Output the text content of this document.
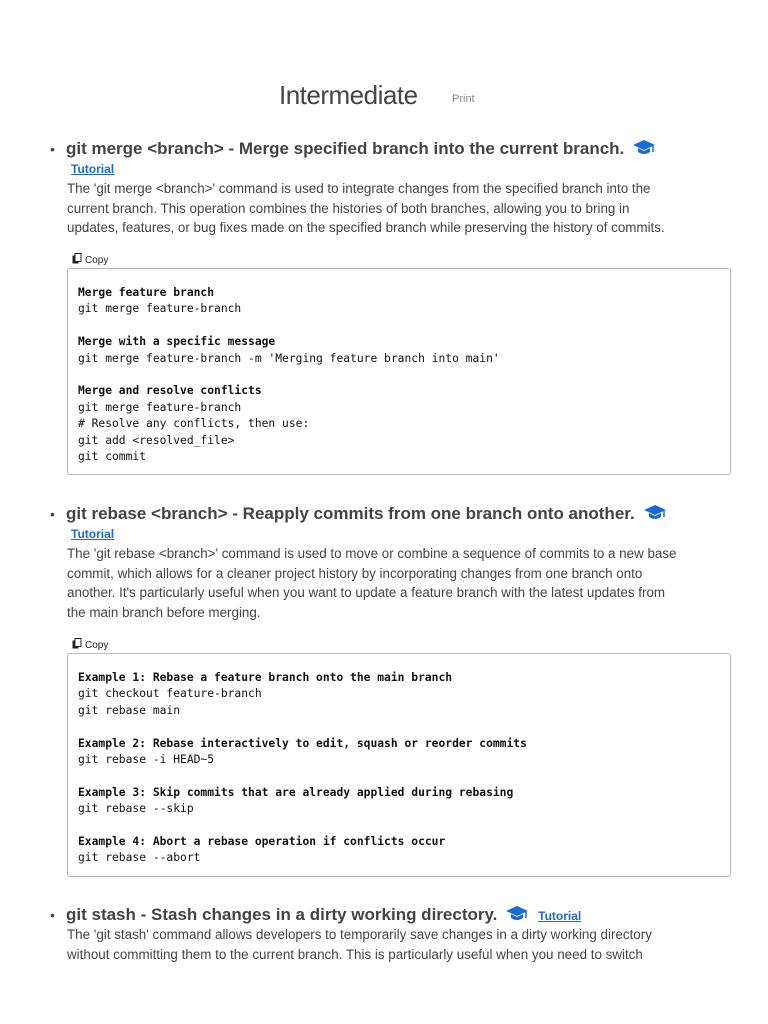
Intermediate	Print
• git merge <branch> - Merge specified branch into the current branch.
Tutorial
The 'git merge <branch>' command is used to integrate changes from the specified branch into the
current branch. This operation combines the histories of both branches, allowing you to bring in
updates, features, or bug fixes made on the specified branch while preserving the history of commits.
Copy
Merge feature branch
git merge feature-branch
Merge with a specific message
git merge feature-branch -m 'Merging feature branch into main'
Merge and resolve conflicts
git merge feature-branch
# Resolve any conflicts, then use:
git add <resolved_file>
git commit
• git rebase <branch> - Reapply commits from one branch onto another.
Tutorial
The 'git rebase <branch>' command is used to move or combine a sequence of commits to a new base
commit, which allows for a cleaner project history by incorporating changes from one branch onto
another. It's particularly useful when you want to update a feature branch with the latest updates from
the main branch before merging.
Copy
Example 1: Rebase a feature branch onto the main branch
git checkout feature-branch
git rebase main
Example 2: Rebase interactively to edit, squash or reorder commits
git rebase -i HEAD~5
Example 3: Skip commits that are already applied during rebasing
git rebase --skip
Example 4: Abort a rebase operation if conflicts occur
git rebase --abort
• git stash - Stash changes in a dirty working directory.	Tutorial
The 'git stash' command allows developers to temporarily save changes in a dirty working directory
without committing them to the current branch. This is particularly useful when you need to switch
